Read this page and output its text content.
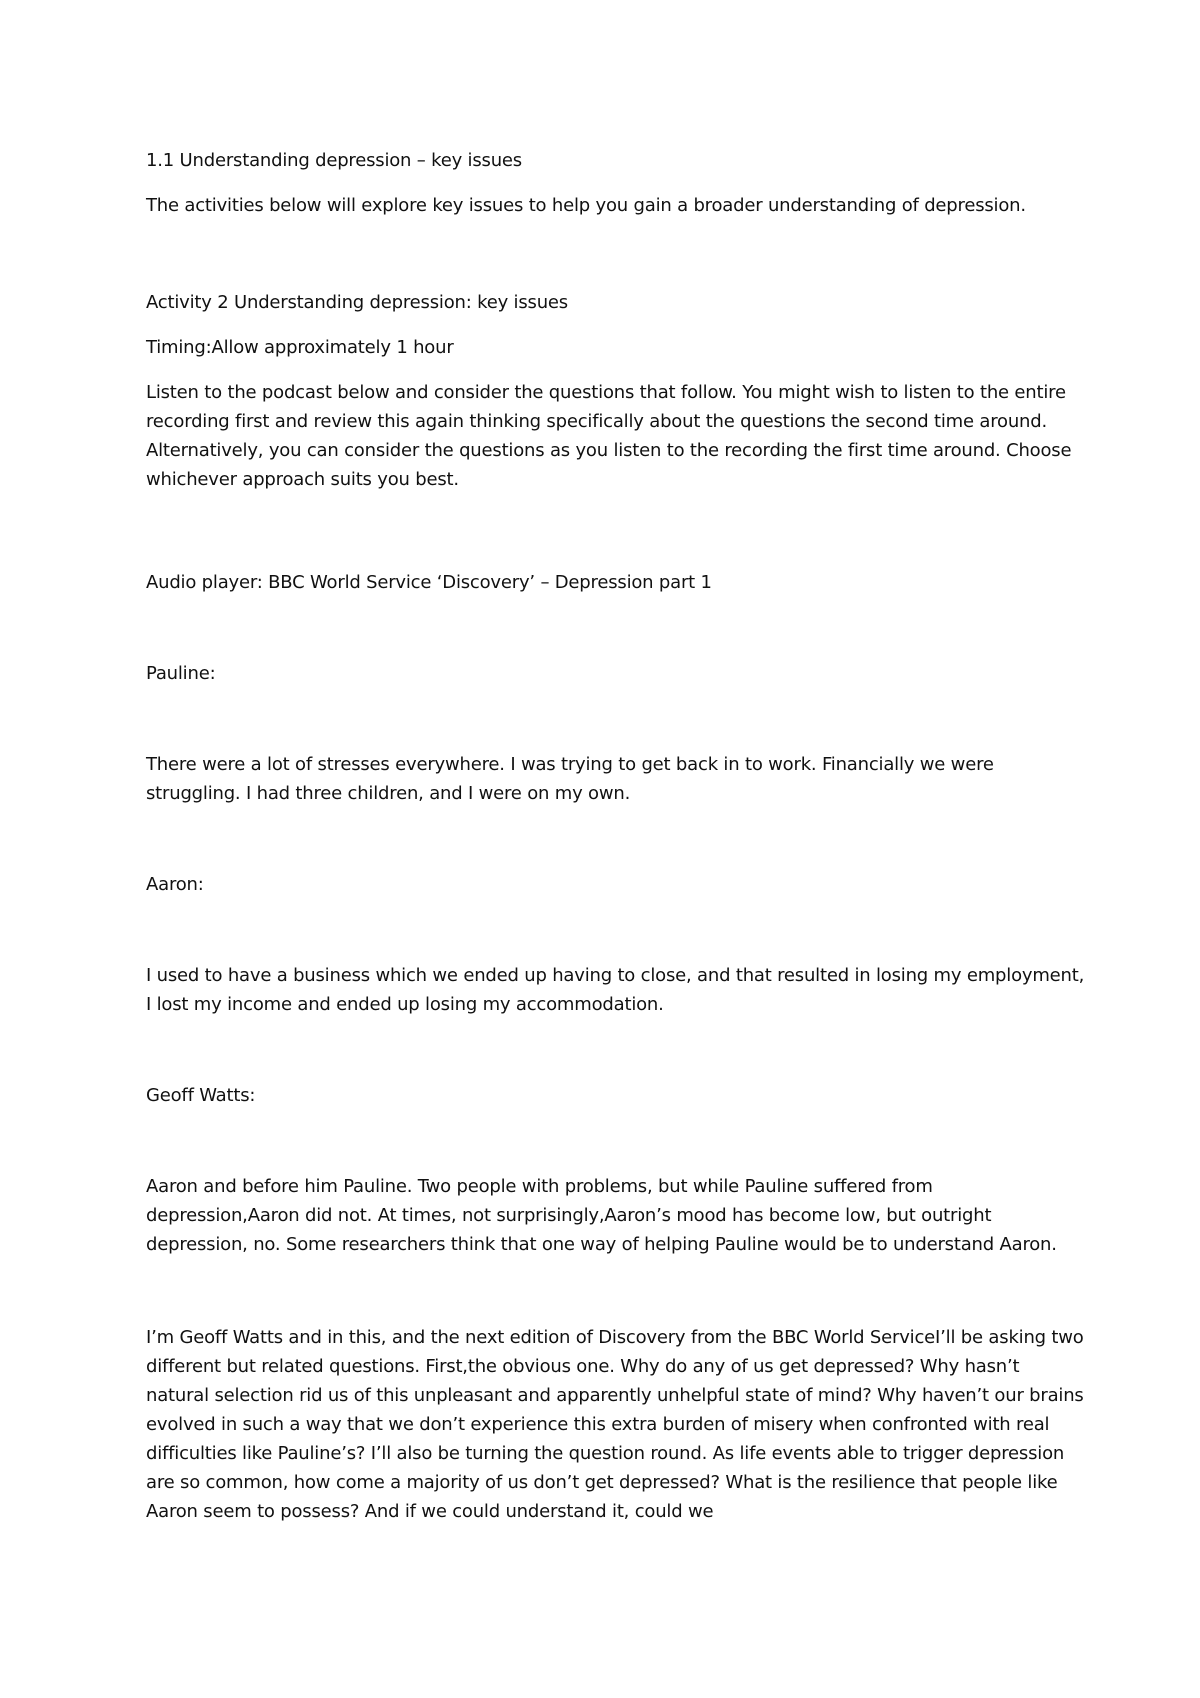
1.1 Understanding depression – key issues

The activities below will explore key issues to help you gain a broader understanding of depression.

Activity 2 Understanding depression: key issues

Timing:Allow approximately 1 hour

Listen to the podcast below and consider the questions that follow. You might wish to listen to the entire recording first and review this again thinking specifically about the questions the second time around. Alternatively, you can consider the questions as you listen to the recording the first time around. Choose whichever approach suits you best.

Audio player: BBC World Service ‘Discovery’ – Depression part 1

Pauline:

There were a lot of stresses everywhere. I was trying to get back in to work. Financially we were struggling. I had three children, and I were on my own.

Aaron:

I used to have a business which we ended up having to close, and that resulted in losing my employment, I lost my income and ended up losing my accommodation.

Geoff Watts:

Aaron and before him Pauline. Two people with problems, but while Pauline suffered from depression,Aaron did not. At times, not surprisingly,Aaron’s mood has become low, but outright depression, no. Some researchers think that one way of helping Pauline would be to understand Aaron.

I’m Geoff Watts and in this, and the next edition of Discovery from the BBC World ServiceI’ll be asking two different but related questions. First,the obvious one. Why do any of us get depressed? Why hasn’t natural selection rid us of this unpleasant and apparently unhelpful state of mind? Why haven’t our brains evolved in such a way that we don’t experience this extra burden of misery when confronted with real difficulties like Pauline’s? I’ll also be turning the question round. As life events able to trigger depression are so common, how come a majority of us don’t get depressed? What is the resilience that people like Aaron seem to possess? And if we could understand it, could we
